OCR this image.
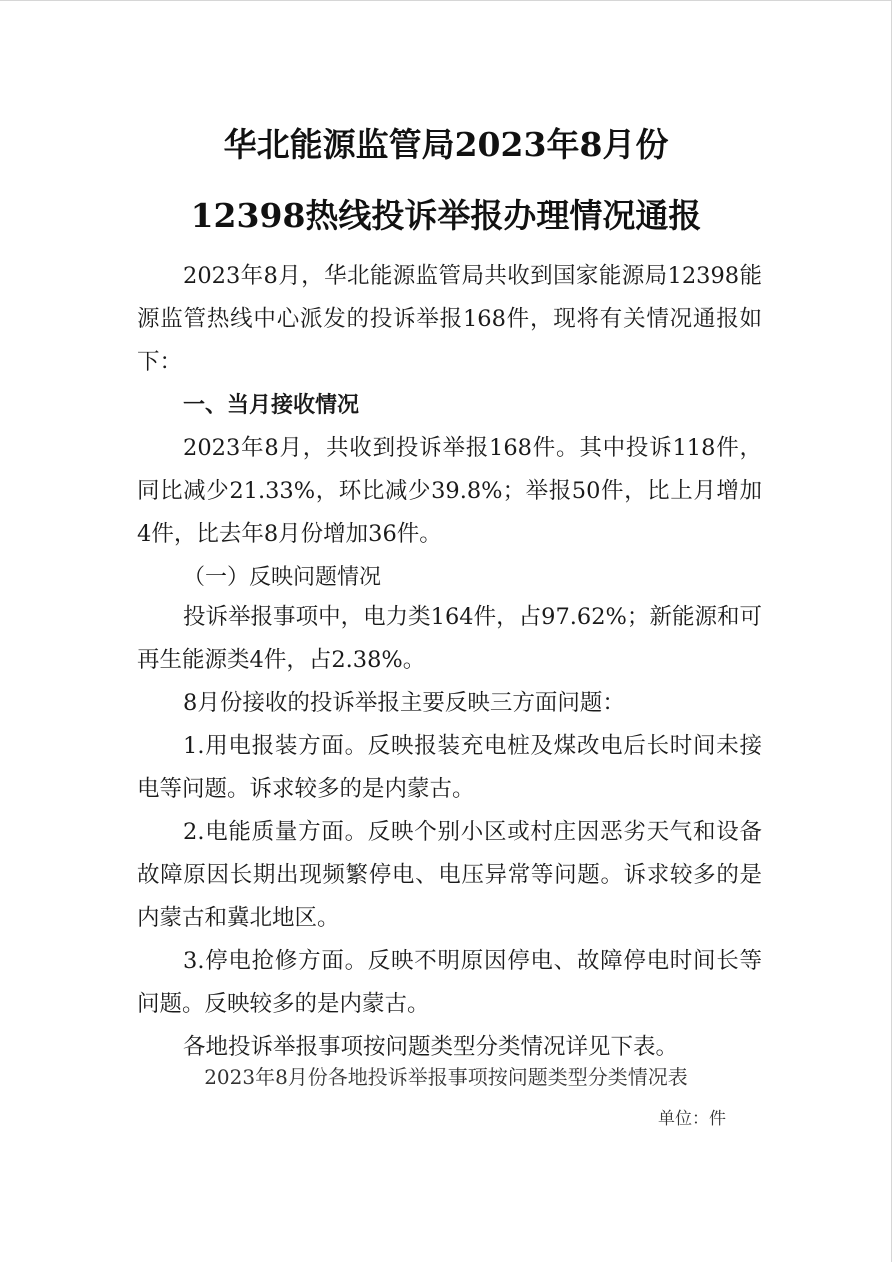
华北能源监管局2023年8月份
12398热线投诉举报办理情况通报

2023年8月，华北能源监管局共收到国家能源局12398能源监管热线中心派发的投诉举报168件，现将有关情况通报如下：

一、当月接收情况

2023年8月，共收到投诉举报168件。其中投诉118件，同比减少21.33%，环比减少39.8%；举报50件，比上月增加4件，比去年8月份增加36件。

（一）反映问题情况

投诉举报事项中，电力类164件，占97.62%；新能源和可再生能源类4件，占2.38%。

8月份接收的投诉举报主要反映三方面问题：

1.用电报装方面。反映报装充电桩及煤改电后长时间未接电等问题。诉求较多的是内蒙古。

2.电能质量方面。反映个别小区或村庄因恶劣天气和设备故障原因长期出现频繁停电、电压异常等问题。诉求较多的是内蒙古和冀北地区。

3.停电抢修方面。反映不明原因停电、故障停电时间长等问题。反映较多的是内蒙古。

各地投诉举报事项按问题类型分类情况详见下表。

2023年8月份各地投诉举报事项按问题类型分类情况表
单位：件
